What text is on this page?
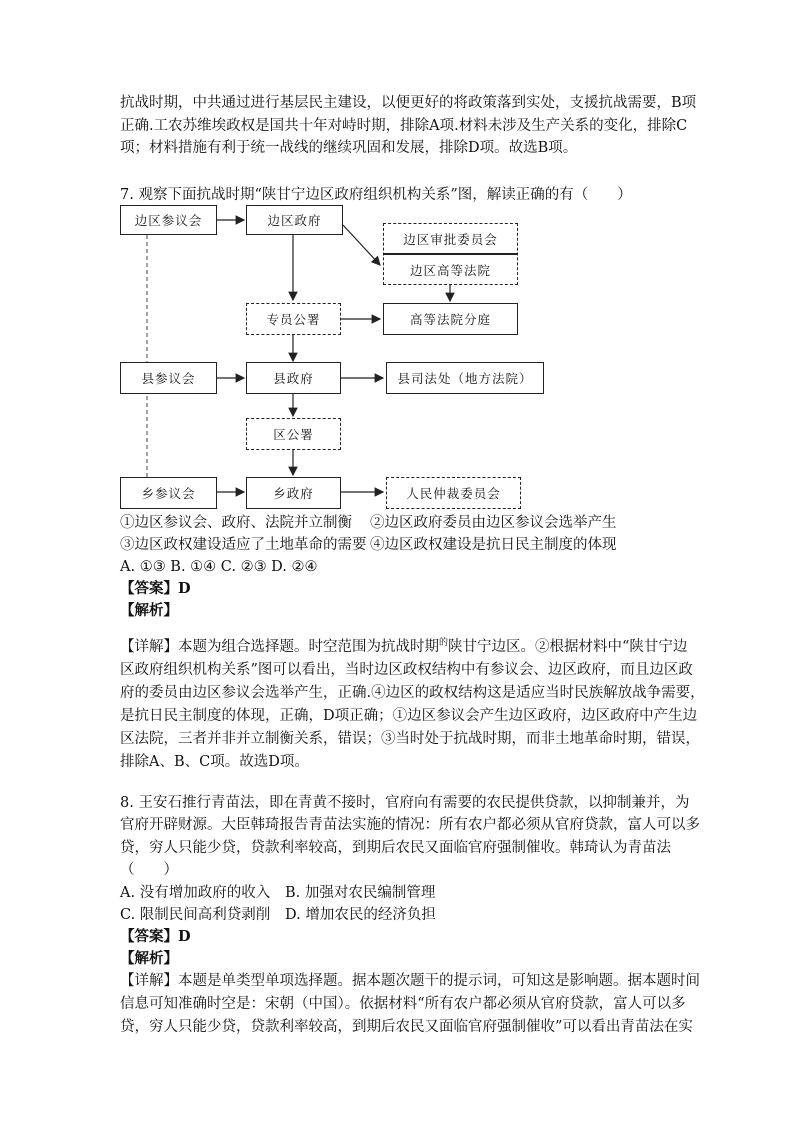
抗战时期，中共通过进行基层民主建设，以便更好的将政策落到实处，支援抗战需要，B项
正确.工农苏维埃政权是国共十年对峙时期，排除A项.材料未涉及生产关系的变化，排除C
项；材料措施有利于统一战线的继续巩固和发展，排除D项。故选B项。

7. 观察下面抗战时期“陕甘宁边区政府组织机构关系”图，解读正确的有（　　）
边区参议会	边区政府
边区审批委员会
边区高等法院
专员公署	高等法院分庭
县参议会	县政府	县司法处（地方法院）
区公署
乡参议会	乡政府	人民仲裁委员会
①边区参议会、政府、法院并立制衡	②边区政府委员由边区参议会选举产生
③边区政权建设适应了土地革命的需要 ④边区政权建设是抗日民主制度的体现
A. ①③ B. ①④ C. ②③ D. ②④
【答案】D
【解析】

【详解】本题为组合选择题。时空范围为抗战时期$^的$陕甘宁边区。②根据材料中“陕甘宁边
区政府组织机构关系”图可以看出，当时边区政权结构中有参议会、边区政府，而且边区政
府的委员由边区参议会选举产生，正确.④边区的政权结构这是适应当时民族解放战争需要，
是抗日民主制度的体现，正确，D项正确；①边区参议会产生边区政府，边区政府中产生边
区法院，三者并非并立制衡关系，错误；③当时处于抗战时期，而非土地革命时期，错误，
排除A、B、C项。故选D项。

8. 王安石推行青苗法，即在青黄不接时，官府向有需要的农民提供贷款，以抑制兼并，为
官府开辟财源。大臣韩琦报告青苗法实施的情况：所有农户都必须从官府贷款，富人可以多
贷，穷人只能少贷，贷款利率较高，到期后农民又面临官府强制催收。韩琦认为青苗法
（　　）

A. 没有增加政府的收入	B. 加强对农民编制管理
C. 限制民间高利贷剥削	D. 增加农民的经济负担
【答案】D
【解析】

【详解】本题是单类型单项选择题。据本题次题干的提示词，可知这是影响题。据本题时间
信息可知准确时空是：宋朝（中国）。依据材料“所有农户都必须从官府贷款，富人可以多
贷，穷人只能少贷，贷款利率较高，到期后农民又面临官府强制催收”可以看出青苗法在实
